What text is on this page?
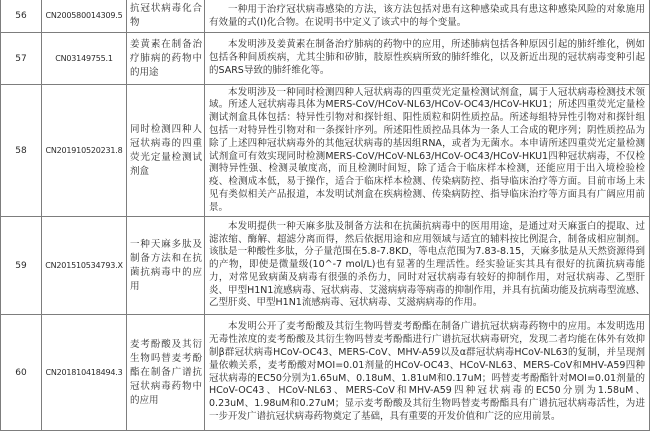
56	CN200580014309.5	抗冠状病毒化合物	一种用于治疗冠状病毒感染的方法，该方法包括对患有这种感染或具有患这种感染风险的对象施用有效量的式(I)化合物。在说明书中定义了该式中的每个变量。
57	CN03149755.1	姜黄素在制备治疗肺病的药物中的用途	本发明涉及姜黄素在制备治疗肺病的药物中的应用，所述肺病包括各种原因引起的肺纤维化，例如包括各种间质疾病，尤其尘肺和矽肺，肢原性疾病所致的肺纤维化，以及新近出现的冠状病毒变种引起的SARS导致的肺纤维化等。
58	CN201910520231.8	同时检测四种人冠状病毒的四重荧光定量检测试剂盒	本发明涉及一种同时检测四种人冠状病毒的四重荧光定量检测试剂盒，属于人冠状病毒检测技术领域。所述人冠状病毒具体为MERS-CoV/HCoV-NL63/HCoV-OC43/HCoV-HKU1；所述四重荧光定量检测试剂盒具体包括：特异性引物对和探针组、阳性质粒和阴性质控品。所述每组特异性引物对和探针组包括一对特异性引物对和一条探针序列。所述阳性质控品具体为一条人工合成的靶序列；阴性质控品为除了上述四种冠状病毒外的其他冠状病毒的基因组RNA，或者为无菌水。本申请所述四重荧光定量检测试剂盒可有效实现同时检测MERS-CoV/HCoV-NL63/HCoV-OC43/HCoV-HKU1四种冠状病毒，不仅检测特异性强、检测灵敏度高，而且检测时间短，除了适合于临床样本检测，还能应用于出入境检验检疫、检测成本低，易于操作，适合于临床样本检测、传染病防控、指导临床治疗等方面。目前市场上未见有类似相关产品报道，本发明试剂盒在疾病检测、传染病防控、指导临床治疗等方面具有广阔应用前景。
59	CN201510534793.X	一种天麻多肽及制备方法和在抗菌抗病毒中的应用	本发明提供一种天麻多肽及制备方法和在抗菌抗病毒中的医用用途，是通过对天麻蛋白的提取、过滤浓缩、酶解、超滤分离而得，然后依据用途和应用领域与适宜的辅料按比例混合，制备成相应制剂。该肽是一种酸性多肽，分子量范围在5.8-7.8KD，等电点范围为7.83-8.15，天麻多肽是从天然资源得到的产物，即使是微量级(10^-7 mol/L)也有显著的生理活性。经实验证实其具有很好的抗菌抗病毒能力，对常见致病菌及病毒有很强的杀伤力，同时对冠状病毒有较好的抑制作用，对冠状病毒、乙型肝炎、甲型H1N1流感病毒、冠状病毒、艾滋病病毒等病毒的抑制作用，并具有抗菌功能及抗病毒型流感、乙型肝炎、甲型H1N1流感病毒、冠状病毒、艾滋病病毒的作用。
60	CN201810418494.3	麦考酚酸及其衍生物吗替麦考酚酯在制备广谱抗冠状病毒药物中的应用	本发明公开了麦考酚酸及其衍生物吗替麦考酚酯在制备广谱抗冠状病毒药物中的应用。本发明选用无毒性浓度的麦考酚酸及其衍生物吗替麦考酚酯进行广谱抗冠状病毒研究，发现二者均能在体外有效抑制β群冠状病毒HCoV-OC43、MERS-CoV、MHV-A59以及α群冠状病毒HCoV-NL63的复制，并呈现剂量依赖关系，麦考酚酸对MOI=0.01剂量的HCoV-OC43、HCoV-NL63、MERS-CoV和MHV-A59四种冠状病毒的EC50分别为1.65uM、0.18uM、1.81uM和0.17uM；吗替麦考酚酯针对MOI=0.01剂量的HCoV-OC43、HCoV-NL63、MERS-CoV和MHV-A59四种冠状病毒的EC50分别为1.58uM、0.23uM、1.98uM和0.27uM；显示麦考酚酸及其衍生物吗替麦考酚酯具有广谱抗冠状病毒活性，为进一步开发广谱抗冠状病毒药物奠定了基础，具有重要的开发价值和广泛的应用前景。
